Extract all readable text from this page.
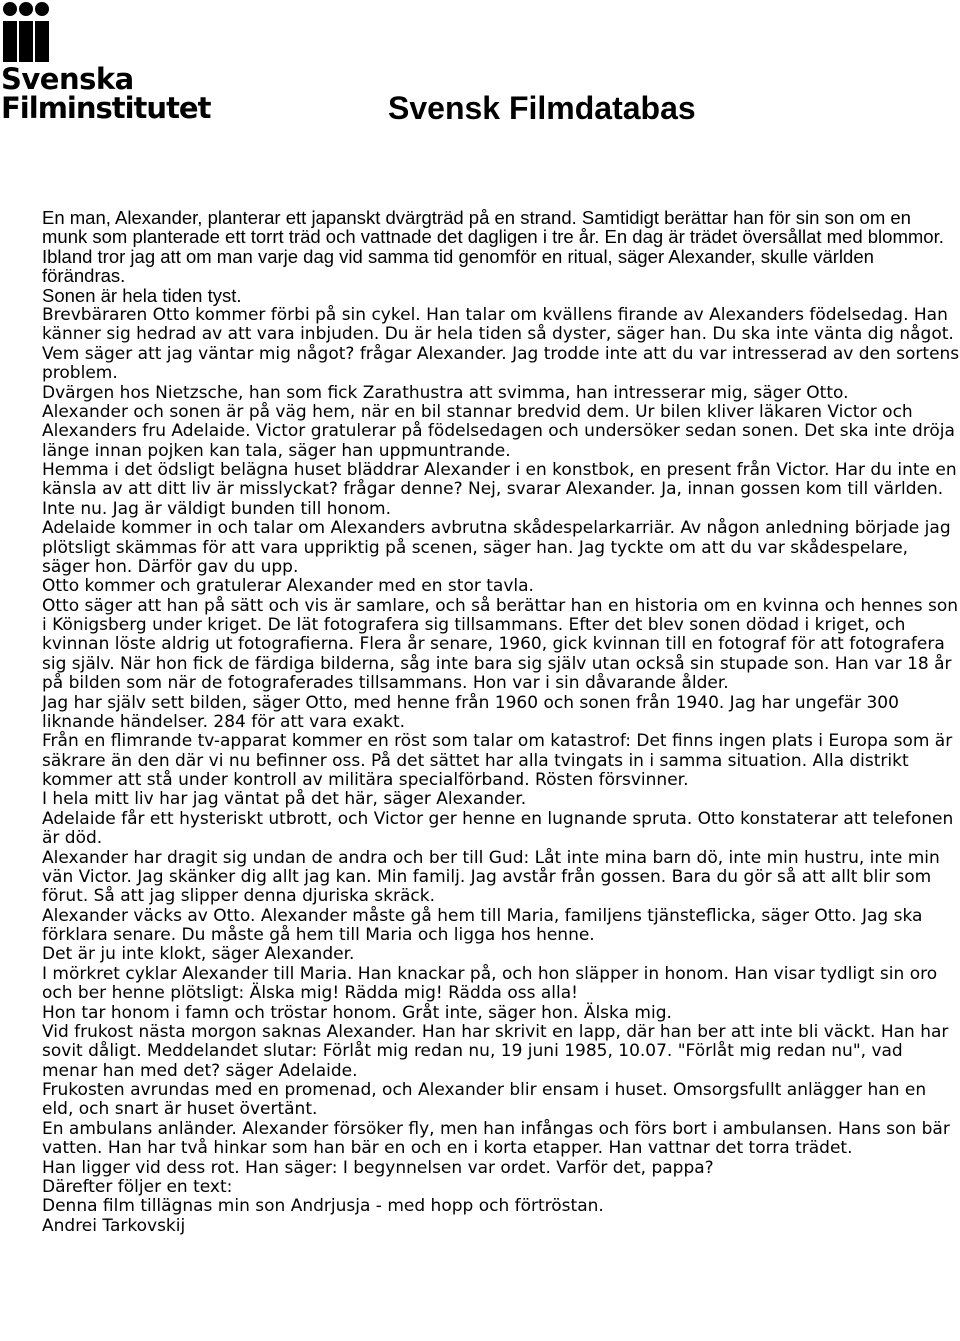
Svenska
Filminstitutet	Svensk Filmdatabas

En man, Alexander, planterar ett japanskt dvärgträd på en strand. Samtidigt berättar han för sin son om en munk som planterade ett torrt träd och vattnade det dagligen i tre år. En dag är trädet översållat med blommor. Ibland tror jag att om man varje dag vid samma tid genomför en ritual, säger Alexander, skulle världen förändras.

Sonen är hela tiden tyst.

Brevbäraren Otto kommer förbi på sin cykel. Han talar om kvällens firande av Alexanders födelsedag. Han känner sig hedrad av att vara inbjuden. Du är hela tiden så dyster, säger han. Du ska inte vänta dig något.

Vem säger att jag väntar mig något? frågar Alexander. Jag trodde inte att du var intresserad av den sortens problem.

Dvärgen hos Nietzsche, han som fick Zarathustra att svimma, han intresserar mig, säger Otto.

Alexander och sonen är på väg hem, när en bil stannar bredvid dem. Ur bilen kliver läkaren Victor och Alexanders fru Adelaide. Victor gratulerar på födelsedagen och undersöker sedan sonen. Det ska inte dröja länge innan pojken kan tala, säger han uppmuntrande.

Hemma i det ödsligt belägna huset bläddrar Alexander i en konstbok, en present från Victor. Har du inte en känsla av att ditt liv är misslyckat? frågar denne? Nej, svarar Alexander. Ja, innan gossen kom till världen. Inte nu. Jag är väldigt bunden till honom.

Adelaide kommer in och talar om Alexanders avbrutna skådespelarkarriär. Av någon anledning började jag plötsligt skämmas för att vara uppriktig på scenen, säger han. Jag tyckte om att du var skådespelare, säger hon. Därför gav du upp.

Otto kommer och gratulerar Alexander med en stor tavla.

Otto säger att han på sätt och vis är samlare, och så berättar han en historia om en kvinna och hennes son i Königsberg under kriget. De lät fotografera sig tillsammans. Efter det blev sonen dödad i kriget, och kvinnan löste aldrig ut fotografierna. Flera år senare, 1960, gick kvinnan till en fotograf för att fotografera sig själv. När hon fick de färdiga bilderna, såg inte bara sig själv utan också sin stupade son. Han var 18 år på bilden som när de fotograferades tillsammans. Hon var i sin dåvarande ålder.

Jag har själv sett bilden, säger Otto, med henne från 1960 och sonen från 1940. Jag har ungefär 300 liknande händelser. 284 för att vara exakt.

Från en flimrande tv-apparat kommer en röst som talar om katastrof: Det finns ingen plats i Europa som är säkrare än den där vi nu befinner oss. På det sättet har alla tvingats in i samma situation. Alla distrikt kommer att stå under kontroll av militära specialförband. Rösten försvinner.

I hela mitt liv har jag väntat på det här, säger Alexander.

Adelaide får ett hysteriskt utbrott, och Victor ger henne en lugnande spruta. Otto konstaterar att telefonen är död.

Alexander har dragit sig undan de andra och ber till Gud: Låt inte mina barn dö, inte min hustru, inte min vän Victor. Jag skänker dig allt jag kan. Min familj. Jag avstår från gossen. Bara du gör så att allt blir som förut. Så att jag slipper denna djuriska skräck.

Alexander väcks av Otto. Alexander måste gå hem till Maria, familjens tjänsteflicka, säger Otto. Jag ska förklara senare. Du måste gå hem till Maria och ligga hos henne.

Det är ju inte klokt, säger Alexander.

I mörkret cyklar Alexander till Maria. Han knackar på, och hon släpper in honom. Han visar tydligt sin oro och ber henne plötsligt: Älska mig! Rädda mig! Rädda oss alla!

Hon tar honom i famn och tröstar honom. Gråt inte, säger hon. Älska mig.

Vid frukost nästa morgon saknas Alexander. Han har skrivit en lapp, där han ber att inte bli väckt. Han har sovit dåligt. Meddelandet slutar: Förlåt mig redan nu, 19 juni 1985, 10.07. "Förlåt mig redan nu", vad menar han med det? säger Adelaide.

Frukosten avrundas med en promenad, och Alexander blir ensam i huset. Omsorgsfullt anlägger han en eld, och snart är huset övertänt.

En ambulans anländer. Alexander försöker fly, men han infångas och förs bort i ambulansen. Hans son bär vatten. Han har två hinkar som han bär en och en i korta etapper. Han vattnar det torra trädet.

Han ligger vid dess rot. Han säger: I begynnelsen var ordet. Varför det, pappa?

Därefter följer en text:

Denna film tillägnas min son Andrjusja - med hopp och förtröstan.

Andrei Tarkovskij
